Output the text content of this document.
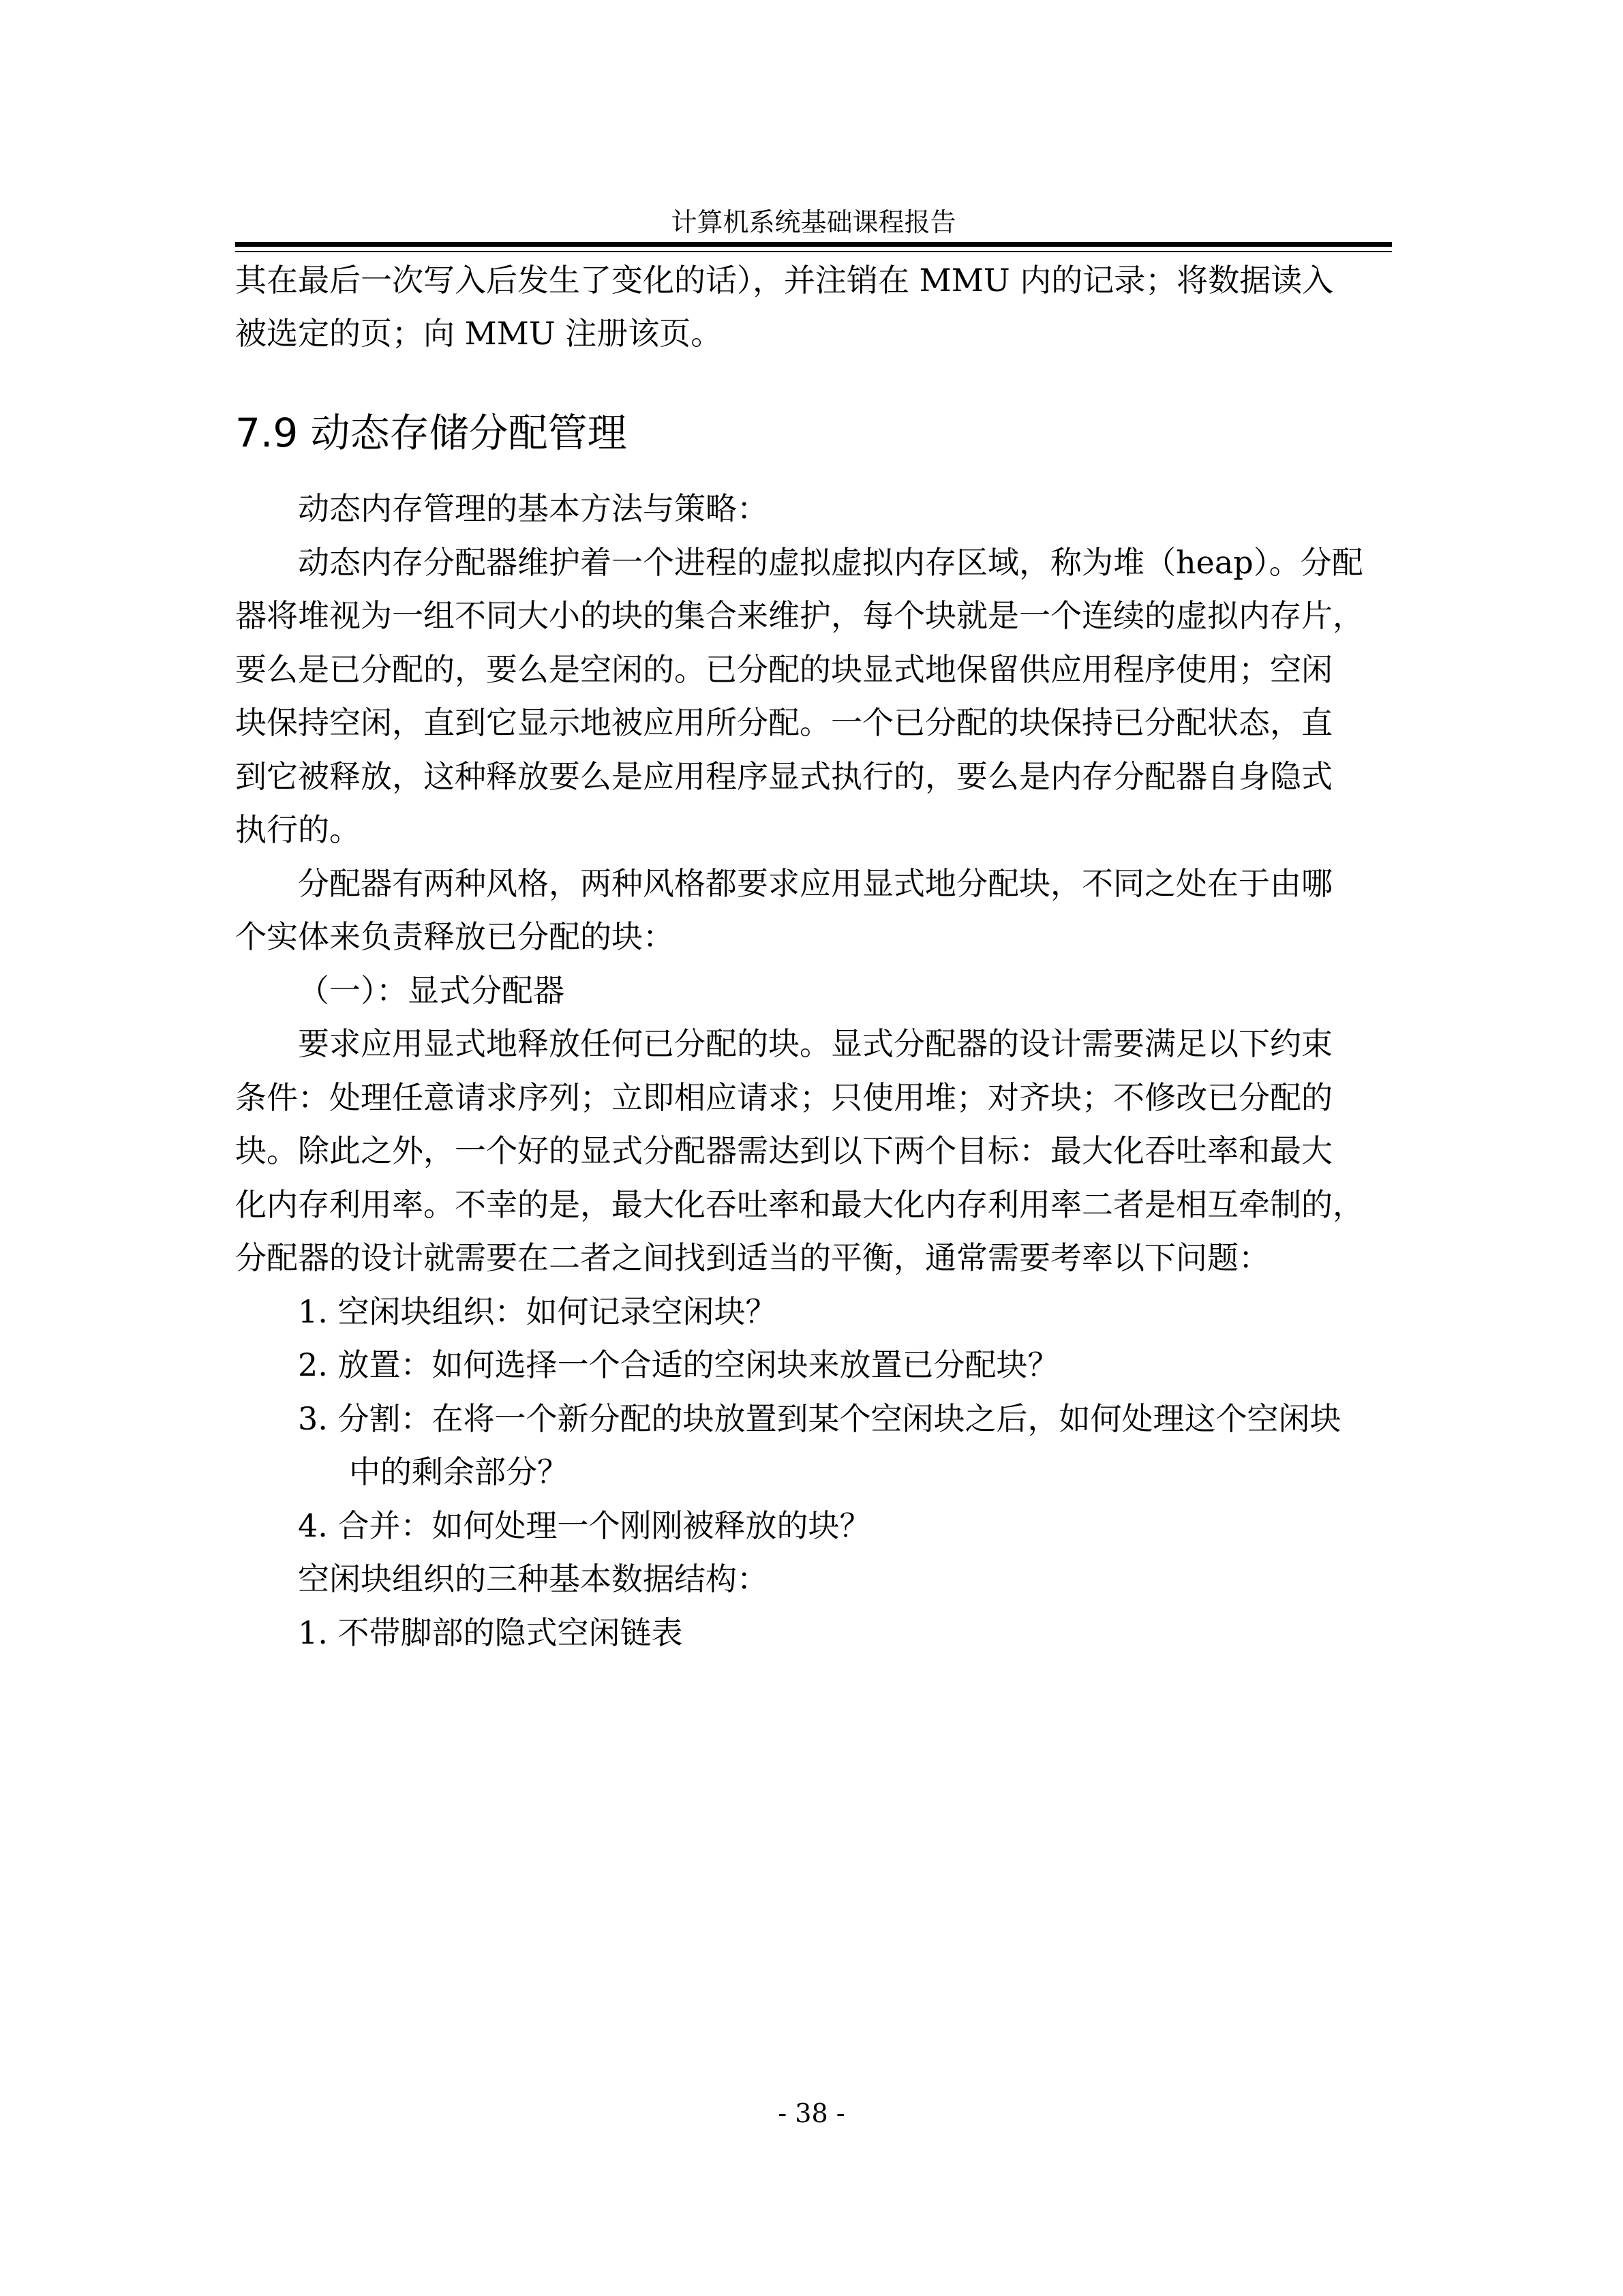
计算机系统基础课程报告
其在最后一次写入后发生了变化的话），并注销在 MMU 内的记录；将数据读入
被选定的页；向 MMU 注册该页。
7.9 动态存储分配管理
动态内存管理的基本方法与策略：
动态内存分配器维护着一个进程的虚拟虚拟内存区域，称为堆（heap）。分配
器将堆视为一组不同大小的块的集合来维护，每个块就是一个连续的虚拟内存片，
要么是已分配的，要么是空闲的。已分配的块显式地保留供应用程序使用；空闲
块保持空闲，直到它显示地被应用所分配。一个已分配的块保持已分配状态，直
到它被释放，这种释放要么是应用程序显式执行的，要么是内存分配器自身隐式
执行的。
分配器有两种风格，两种风格都要求应用显式地分配块，不同之处在于由哪
个实体来负责释放已分配的块：
（一）：显式分配器
要求应用显式地释放任何已分配的块。显式分配器的设计需要满足以下约束
条件：处理任意请求序列；立即相应请求；只使用堆；对齐块；不修改已分配的
块。除此之外，一个好的显式分配器需达到以下两个目标：最大化吞吐率和最大
化内存利用率。不幸的是，最大化吞吐率和最大化内存利用率二者是相互牵制的，
分配器的设计就需要在二者之间找到适当的平衡，通常需要考率以下问题：
1. 空闲块组织：如何记录空闲块？
2. 放置：如何选择一个合适的空闲块来放置已分配块？
3. 分割：在将一个新分配的块放置到某个空闲块之后，如何处理这个空闲块
中的剩余部分？
4. 合并：如何处理一个刚刚被释放的块？
空闲块组织的三种基本数据结构：
1. 不带脚部的隐式空闲链表
- 38 -
